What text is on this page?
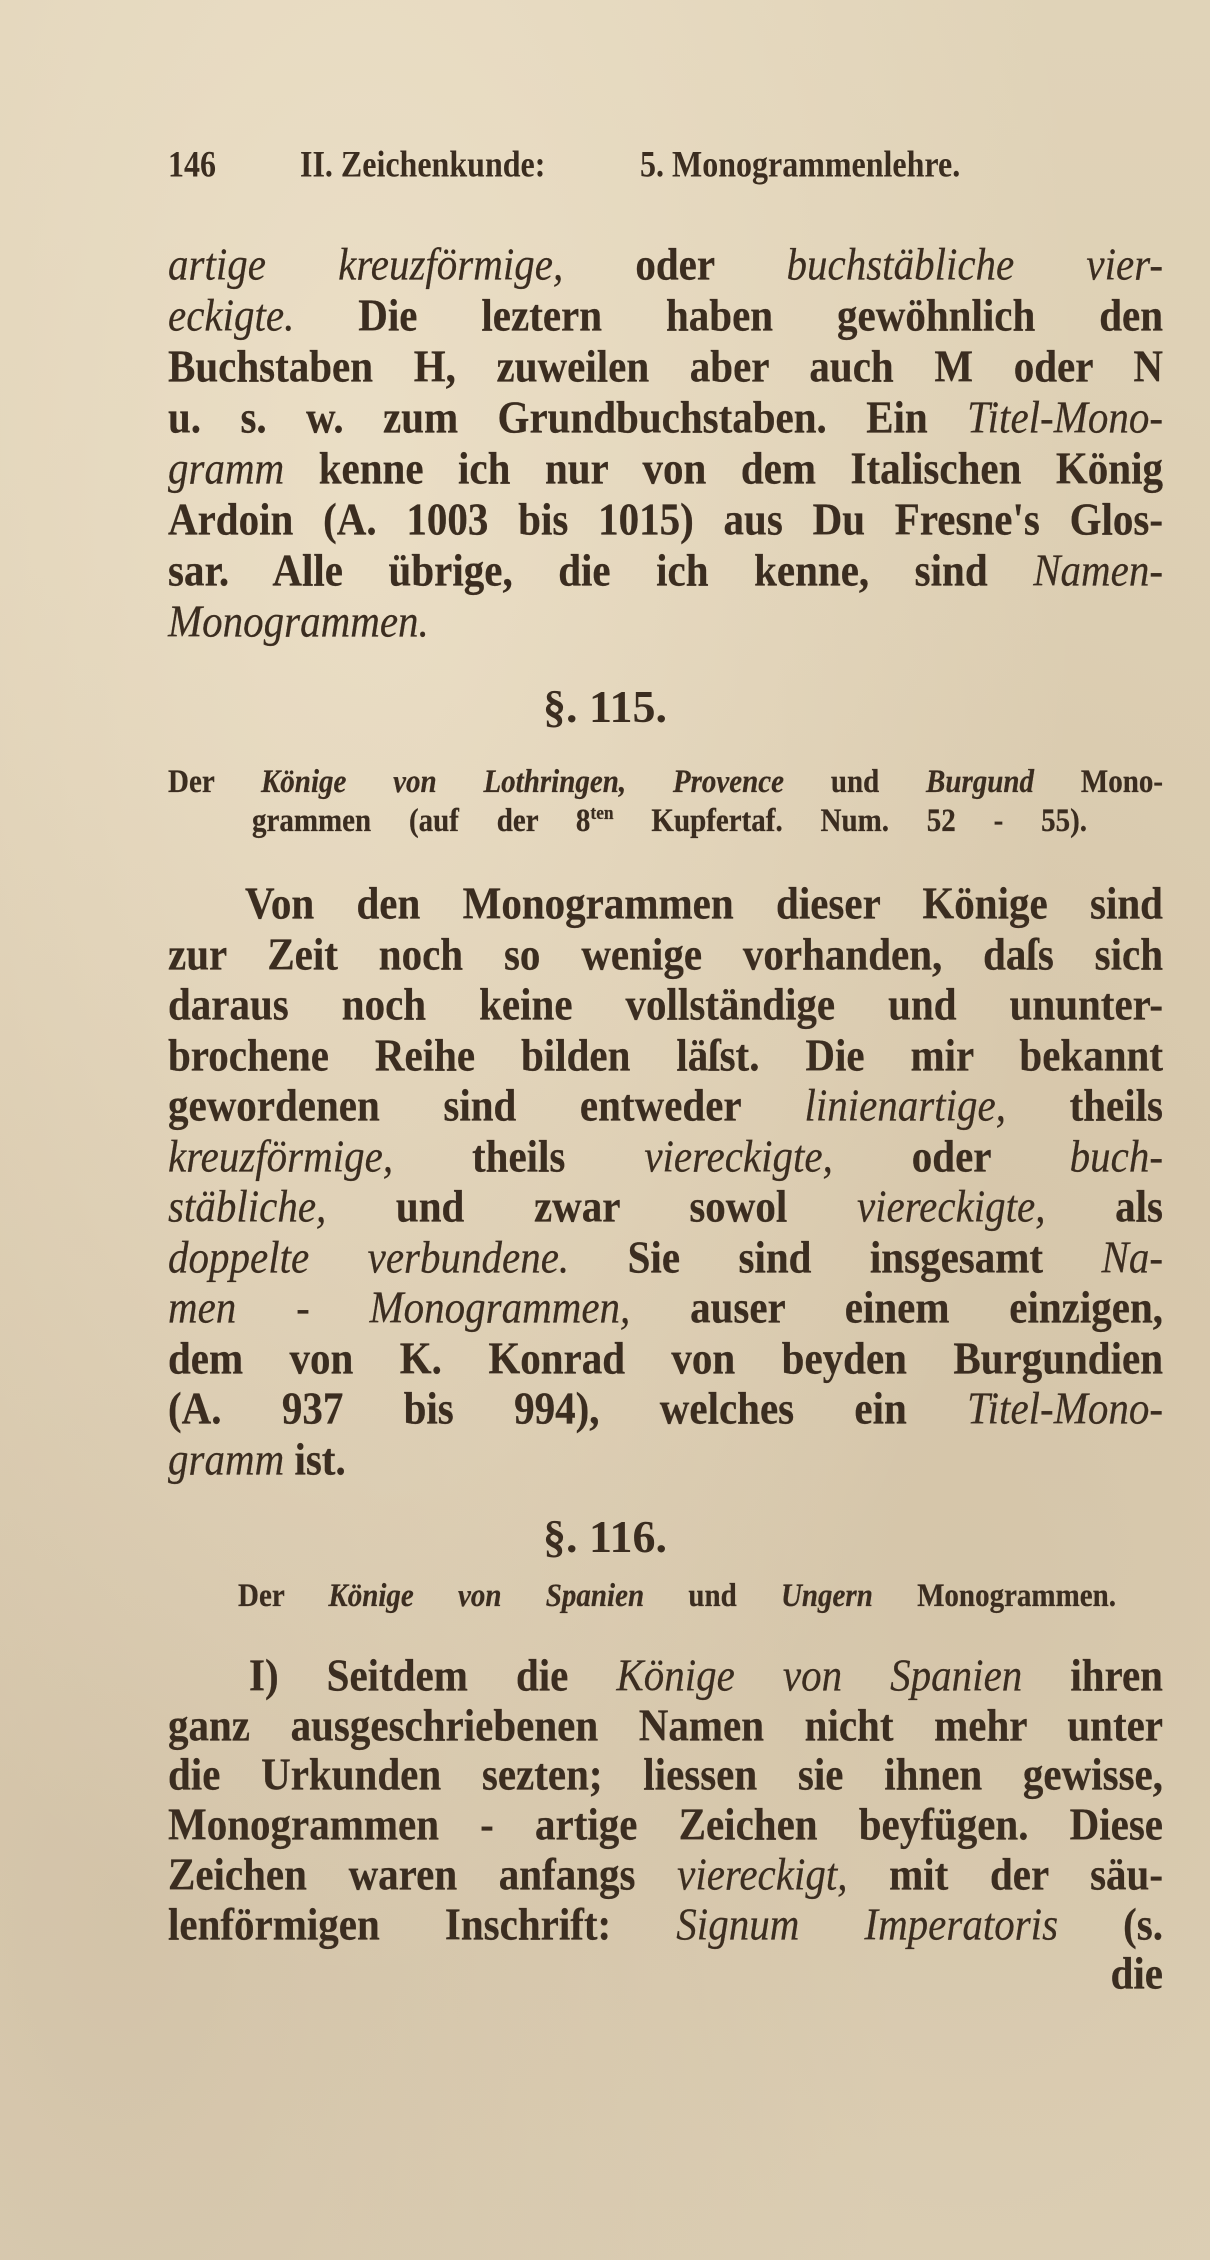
146	II. Zeichenkunde:	5. Monogrammenlehre.
§. 115.
§. 116.
artige kreuzförmige, oder buchstäbliche vier-
eckigte. Die leztern haben gewöhnlich den
Buchstaben H, zuweilen aber auch M oder N
u. s. w. zum Grundbuchstaben. Ein Titel-Mono-
gramm kenne ich nur von dem Italischen König
Ardoin (A. 1003 bis 1015) aus Du Fresne's Glos-
sar. Alle übrige, die ich kenne, sind Namen-
Monogrammen.
Der Könige von Lothringen, Provence und Burgund Mono-
grammen (auf der $8^{ten}$ Kupfertaf. Num. 52 - 55).
Von den Monogrammen dieser Könige sind
zur Zeit noch so wenige vorhanden, daſs sich
daraus noch keine vollständige und ununter-
brochene Reihe bilden läſst. Die mir bekannt
gewordenen sind entweder linienartige, theils
kreuzförmige, theils viereckigte, oder buch-
stäbliche, und zwar sowol viereckigte, als
doppelte verbundene. Sie sind insgesamt Na-
men - Monogrammen, auser einem einzigen,
dem von K. Konrad von beyden Burgundien
(A. 937 bis 994), welches ein Titel-Mono-
gramm ist.
Der Könige von Spanien und Ungern Monogrammen.
I) Seitdem die Könige von Spanien ihren
ganz ausgeschriebenen Namen nicht mehr unter
die Urkunden sezten; liessen sie ihnen gewisse,
Monogrammen - artige Zeichen beyfügen. Diese
Zeichen waren anfangs viereckigt, mit der säu-
lenförmigen Inschrift: Signum Imperatoris (s.
die
